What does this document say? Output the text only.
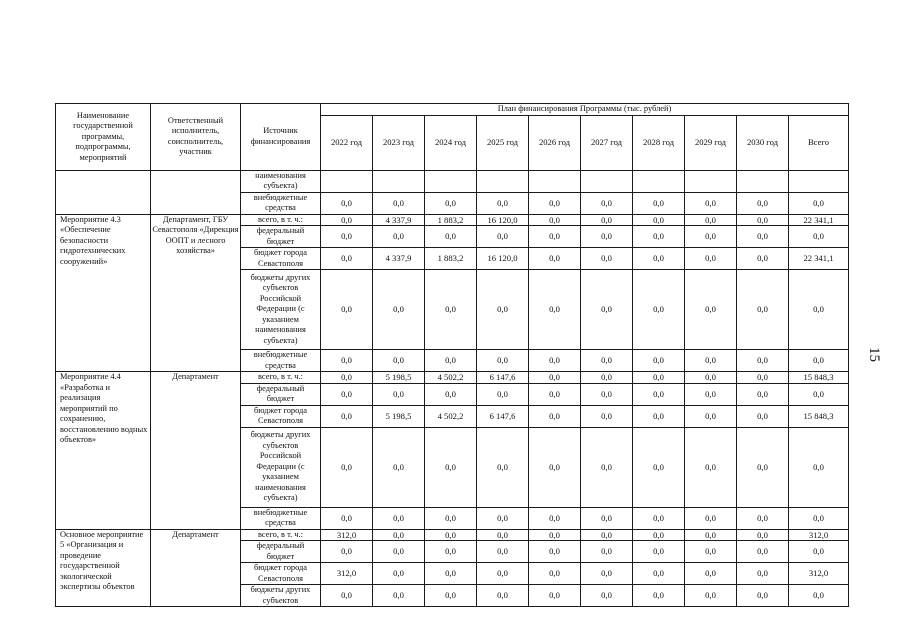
Наименование государственной программы, подпрограммы, мероприятий	Ответственный исполнитель, соисполнитель, участник	Источник финансирования	План финансирования Программы (тыс. рублей)									
			2022 год	2023 год	2024 год	2025 год	2026 год	2027 год	2028 год	2029 год	2030 год	Всего
		наименования субъекта)										
		внебюджетные средства	0,0	0,0	0,0	0,0	0,0	0,0	0,0	0,0	0,0	0,0
Мероприятие 4.3 «Обеспечение безопасности гидротехнических сооружений»	Департамент, ГБУ Севастополя «Дирекция ООПТ и лесного хозяйства»	всего, в т. ч.:	0,0	4 337,9	1 883,2	16 120,0	0,0	0,0	0,0	0,0	0,0	22 341,1
		федеральный бюджет	0,0	0,0	0,0	0,0	0,0	0,0	0,0	0,0	0,0	0,0
		бюджет города Севастополя	0,0	4 337,9	1 883,2	16 120,0	0,0	0,0	0,0	0,0	0,0	22 341,1
		бюджеты других субъектов Российской Федерации (с указанием наименования субъекта)	0,0	0,0	0,0	0,0	0,0	0,0	0,0	0,0	0,0	0,0
		внебюджетные средства	0,0	0,0	0,0	0,0	0,0	0,0	0,0	0,0	0,0	0,0
Мероприятие 4.4 «Разработка и реализация мероприятий по сохранению, восстановлению водных объектов»	Департамент	всего, в т. ч.:	0,0	5 198,5	4 502,2	6 147,6	0,0	0,0	0,0	0,0	0,0	15 848,3
		федеральный бюджет	0,0	0,0	0,0	0,0	0,0	0,0	0,0	0,0	0,0	0,0
		бюджет города Севастополя	0,0	5 198,5	4 502,2	6 147,6	0,0	0,0	0,0	0,0	0,0	15 848,3
		бюджеты других субъектов Российской Федерации (с указанием наименования субъекта)	0,0	0,0	0,0	0,0	0,0	0,0	0,0	0,0	0,0	0,0
		внебюджетные средства	0,0	0,0	0,0	0,0	0,0	0,0	0,0	0,0	0,0	0,0
Основное мероприятие 5 «Организация и проведение государственной экологической экспертизы объектов	Департамент	всего, в т. ч.:	312,0	0,0	0,0	0,0	0,0	0,0	0,0	0,0	0,0	312,0
		федеральный бюджет	0,0	0,0	0,0	0,0	0,0	0,0	0,0	0,0	0,0	0,0
		бюджет города Севастополя	312,0	0,0	0,0	0,0	0,0	0,0	0,0	0,0	0,0	312,0
		бюджеты других субъектов	0,0	0,0	0,0	0,0	0,0	0,0	0,0	0,0	0,0	0,0
15
